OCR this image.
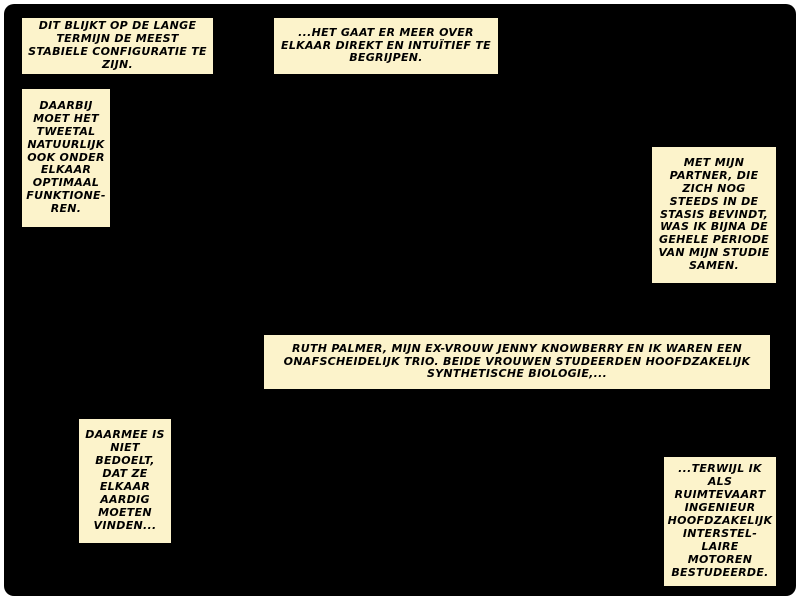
DIT BLIJKT OP DE LANGE TERMIJN DE MEEST STABIELE CONFIGURATIE TE ZIJN.
...HET GAAT ER MEER OVER ELKAAR DIREKT EN INTUÏTIEF TE BEGRIJPEN.
DAARBIJ MOET HET TWEETAL NATUURLIJK OOK ONDER ELKAAR OPTIMAAL FUNKTIONE-REN.
MET MIJN PARTNER, DIE ZICH NOG STEEDS IN DE STASIS BEVINDT, WAS IK BIJNA DE GEHELE PERIODE VAN MIJN STUDIE SAMEN.
RUTH PALMER, MIJN EX-VROUW JENNY KNOWBERRY EN IK WAREN EEN ONAFSCHEIDELIJK TRIO. BEIDE VROUWEN STUDEERDEN HOOFDZAKELIJK SYNTHETISCHE BIOLOGIE,...
DAARMEE IS NIET BEDOELT, DAT ZE ELKAAR AARDIG MOETEN VINDEN...
...TERWIJL IK ALS RUIMTEVAART INGENIEUR HOOFDZAKELIJK INTERSTEL-LAIRE MOTOREN BESTUDEERDE.
